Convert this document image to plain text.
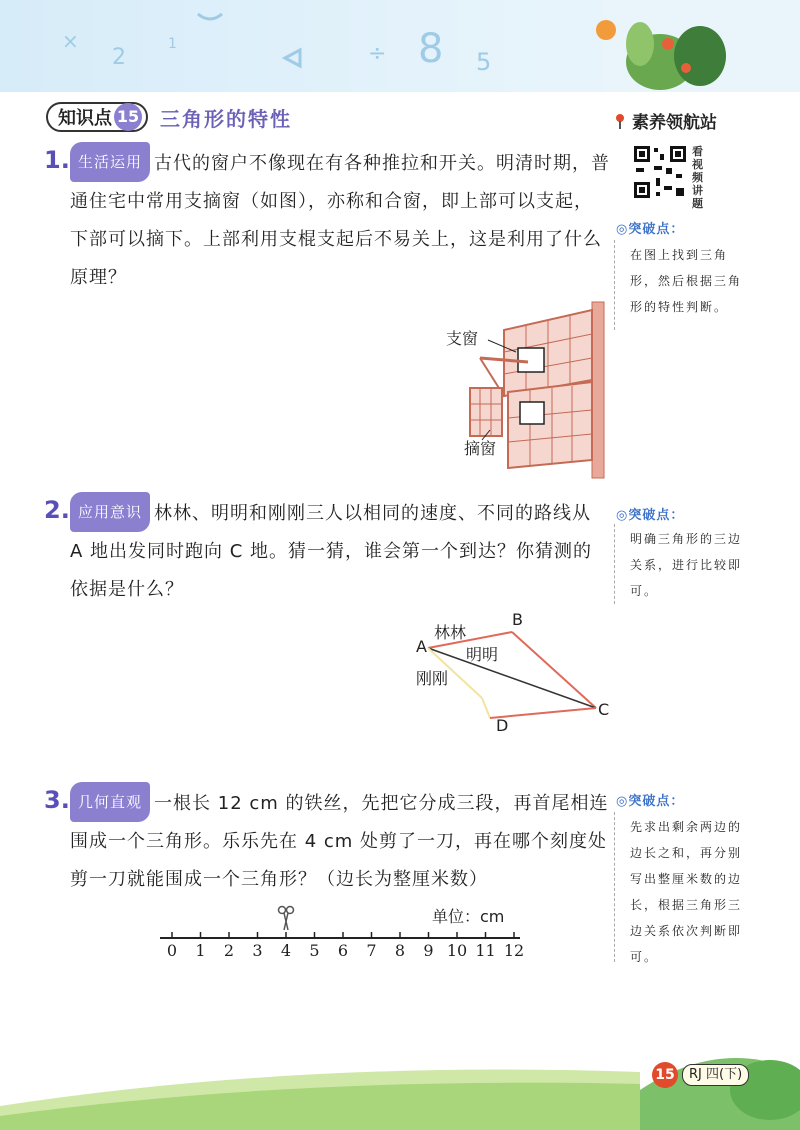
×
2
1	÷ 8 5
知识点 15 三角形的特性	素养领航站
看视频讲题
1. 生活运用 古代的窗户不像现在有各种推拉和开关。明清时期，普通住宅中常用支摘窗（如图），亦称和合窗，即上部可以支起，下部可以摘下。上部利用支棍支起后不易关上，这是利用了什么原理？
支窗
摘窗
◎突破点：
在图上找到三角形，然后根据三角形的特性判断。
2. 应用意识 林林、明明和刚刚三人以相同的速度、不同的路线从 A 地出发同时跑向 C 地。猜一猜，谁会第一个到达？你猜测的依据是什么？
林林
明明
刚刚
A
B
C
D
◎突破点：
明确三角形的三边关系，进行比较即可。
3. 几何直观 一根长 12 cm 的铁丝，先把它分成三段，再首尾相连围成一个三角形。乐乐先在 4 cm 处剪了一刀，再在哪个刻度处剪一刀就能围成一个三角形？（边长为整厘米数）
单位：cm
0 1 2 3 4 5 6 7 8 9 10 11 12
◎突破点：
先求出剩余两边的边长之和，再分别写出整厘米数的边长，根据三角形三边关系依次判断即可。
15	RJ 四(下)
